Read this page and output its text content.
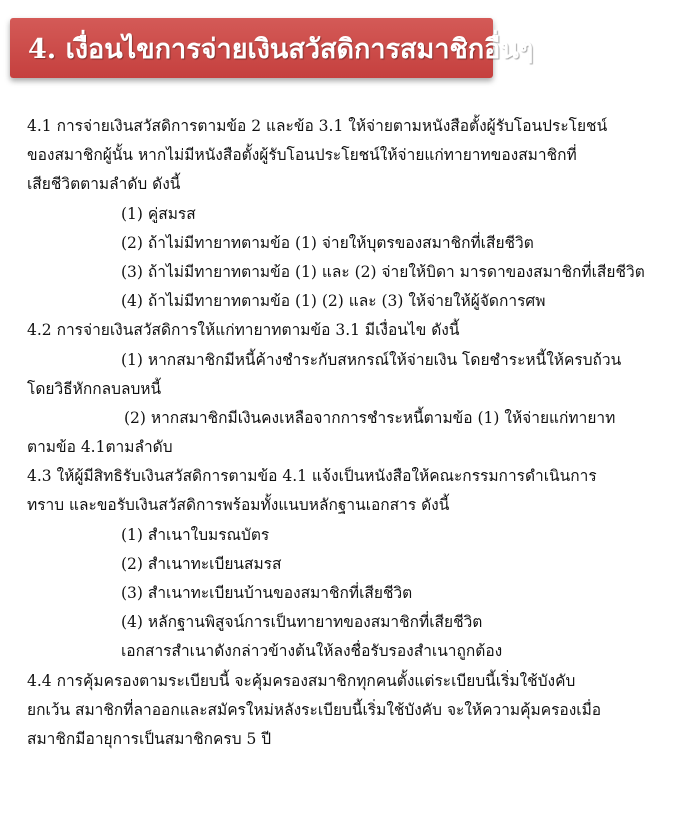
4. เงื่อนไขการจ่ายเงินสวัสดิการสมาชิกอื่นๆ
4.1 การจ่ายเงินสวัสดิการตามข้อ 2 และข้อ 3.1 ให้จ่ายตามหนังสือตั้งผู้รับโอนประโยชน์
ของสมาชิกผู้นั้น หากไม่มีหนังสือตั้งผู้รับโอนประโยชน์ให้จ่ายแก่ทายาทของสมาชิกที่
เสียชีวิตตามลำดับ ดังนี้
(1) คู่สมรส
(2) ถ้าไม่มีทายาทตามข้อ (1) จ่ายให้บุตรของสมาชิกที่เสียชีวิต
(3) ถ้าไม่มีทายาทตามข้อ (1) และ (2) จ่ายให้บิดา มารดาของสมาชิกที่เสียชีวิต
(4) ถ้าไม่มีทายาทตามข้อ (1) (2) และ (3) ให้จ่ายให้ผู้จัดการศพ
4.2 การจ่ายเงินสวัสดิการให้แก่ทายาทตามข้อ 3.1 มีเงื่อนไข ดังนี้
(1) หากสมาชิกมีหนี้ค้างชำระกับสหกรณ์ให้จ่ายเงิน โดยชำระหนี้ให้ครบถ้วน
โดยวิธีหักกลบลบหนี้
(2) หากสมาชิกมีเงินคงเหลือจากการชำระหนี้ตามข้อ (1) ให้จ่ายแก่ทายาท
ตามข้อ 4.1ตามลำดับ
4.3 ให้ผู้มีสิทธิรับเงินสวัสดิการตามข้อ 4.1 แจ้งเป็นหนังสือให้คณะกรรมการดำเนินการ
ทราบ และขอรับเงินสวัสดิการพร้อมทั้งแนบหลักฐานเอกสาร ดังนี้
(1) สำเนาใบมรณบัตร
(2) สำเนาทะเบียนสมรส
(3) สำเนาทะเบียนบ้านของสมาชิกที่เสียชีวิต
(4) หลักฐานพิสูจน์การเป็นทายาทของสมาชิกที่เสียชีวิต
เอกสารสำเนาดังกล่าวข้างต้นให้ลงชื่อรับรองสำเนาถูกต้อง
4.4 การคุ้มครองตามระเบียบนี้ จะคุ้มครองสมาชิกทุกคนตั้งแต่ระเบียบนี้เริ่มใช้บังคับ
ยกเว้น สมาชิกที่ลาออกและสมัครใหม่หลังระเบียบนี้เริ่มใช้บังคับ จะให้ความคุ้มครองเมื่อ
สมาชิกมีอายุการเป็นสมาชิกครบ 5 ปี
